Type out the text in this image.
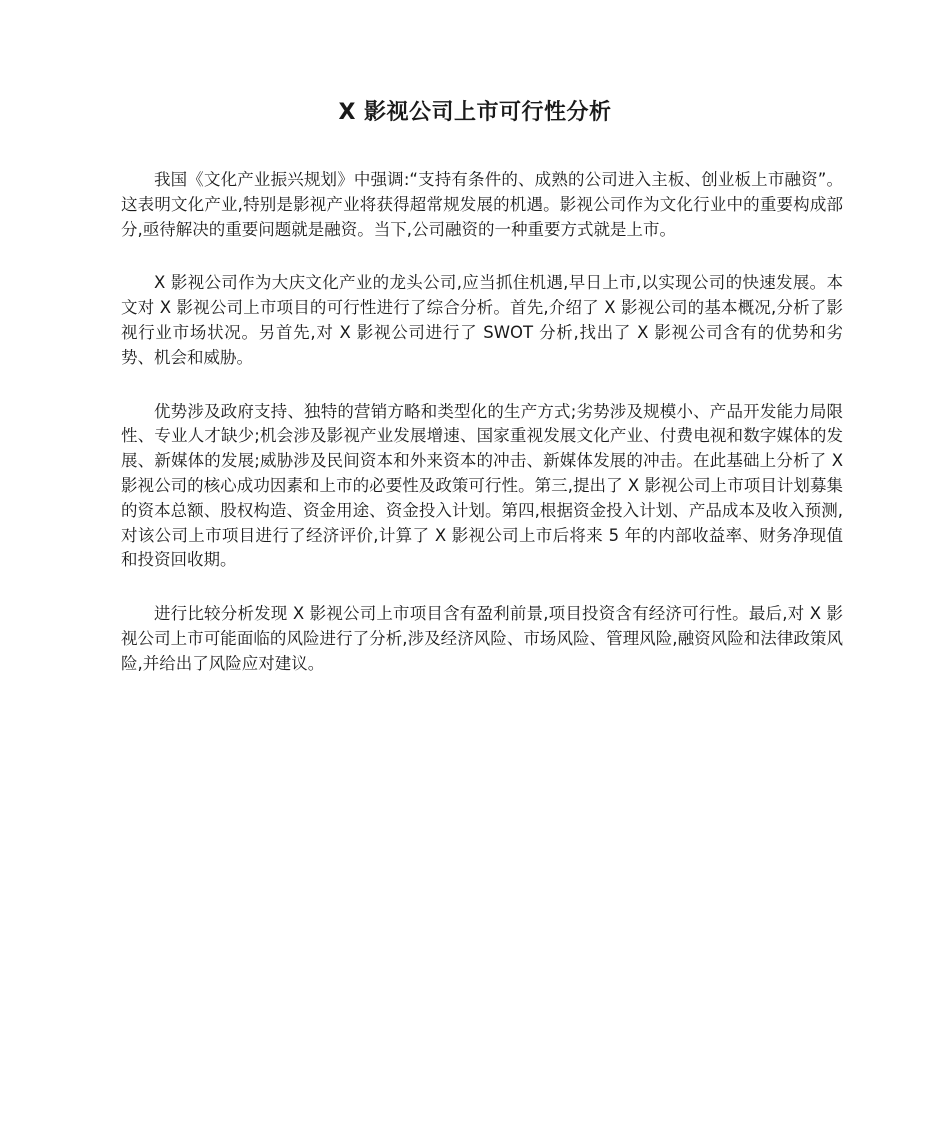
X 影视公司上市可行性分析

我国《文化产业振兴规划》中强调:“支持有条件的、成熟的公司进入主板、创业板上市融资”。这表明文化产业,特别是影视产业将获得超常规发展的机遇。影视公司作为文化行业中的重要构成部分,亟待解决的重要问题就是融资。当下,公司融资的一种重要方式就是上市。

X 影视公司作为大庆文化产业的龙头公司,应当抓住机遇,早日上市,以实现公司的快速发展。本文对 X 影视公司上市项目的可行性进行了综合分析。首先,介绍了 X 影视公司的基本概况,分析了影视行业市场状况。另首先,对 X 影视公司进行了 SWOT 分析,找出了 X 影视公司含有的优势和劣势、机会和威胁。

优势涉及政府支持、独特的营销方略和类型化的生产方式;劣势涉及规模小、产品开发能力局限性、专业人才缺少;机会涉及影视产业发展增速、国家重视发展文化产业、付费电视和数字媒体的发展、新媒体的发展;威胁涉及民间资本和外来资本的冲击、新媒体发展的冲击。在此基础上分析了 X 影视公司的核心成功因素和上市的必要性及政策可行性。第三,提出了 X 影视公司上市项目计划募集的资本总额、股权构造、资金用途、资金投入计划。第四,根据资金投入计划、产品成本及收入预测,对该公司上市项目进行了经济评价,计算了 X 影视公司上市后将来 5 年的内部收益率、财务净现值和投资回收期。

进行比较分析发现 X 影视公司上市项目含有盈利前景,项目投资含有经济可行性。最后,对 X 影视公司上市可能面临的风险进行了分析,涉及经济风险、市场风险、管理风险,融资风险和法律政策风险,并给出了风险应对建议。
